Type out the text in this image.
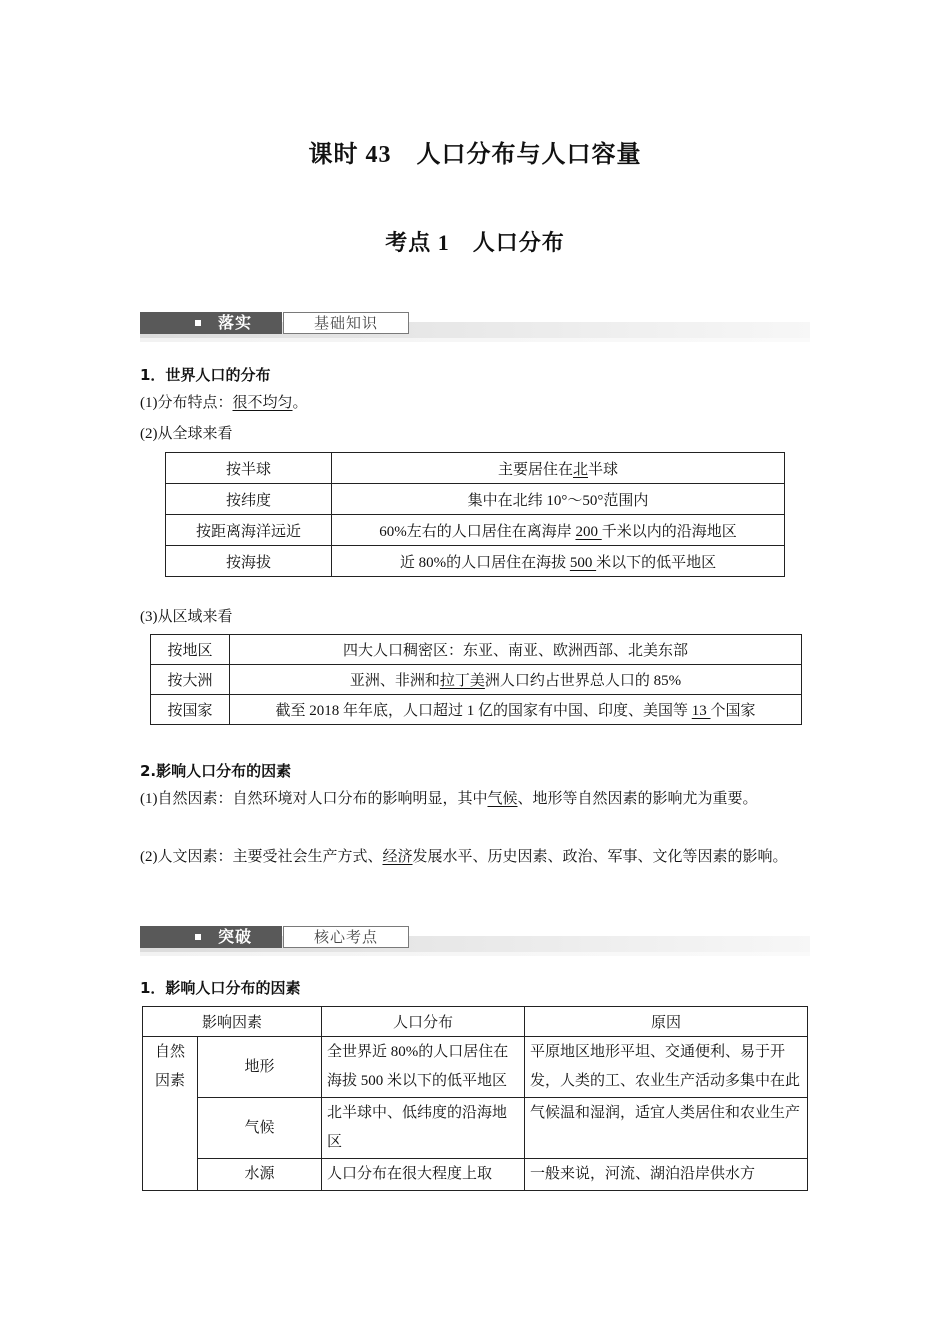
课时 43　人口分布与人口容量
考点 1　人口分布
落实	基础知识
1．世界人口的分布
(1)分布特点：很不均匀。
(2)从全球来看
按半球	主要居住在北半球
按纬度	集中在北纬 10°～50°范围内
按距离海洋远近	60%左右的人口居住在离海岸 200 千米以内的沿海地区
按海拔	近 80%的人口居住在海拔 500 米以下的低平地区
(3)从区域来看
按地区	四大人口稠密区：东亚、南亚、欧洲西部、北美东部
按大洲	亚洲、非洲和拉丁美洲人口约占世界总人口的 85%
按国家	截至 2018 年年底，人口超过 1 亿的国家有中国、印度、美国等 13 个国家
2.影响人口分布的因素
(1)自然因素：自然环境对人口分布的影响明显，其中气候、地形等自然因素的影响尤为重要。
(2)人文因素：主要受社会生产方式、经济发展水平、历史因素、政治、军事、文化等因素的影响。
突破	核心考点
1．影响人口分布的因素
影响因素		人口分布	原因
自然因素	地形	全世界近 80%的人口居住在海拔 500 米以下的低平地区	平原地区地形平坦、交通便利、易于开发，人类的工、农业生产活动多集中在此
	气候	北半球中、低纬度的沿海地区	气候温和湿润，适宜人类居住和农业生产
	水源	人口分布在很大程度上取	一般来说，河流、湖泊沿岸供水方
